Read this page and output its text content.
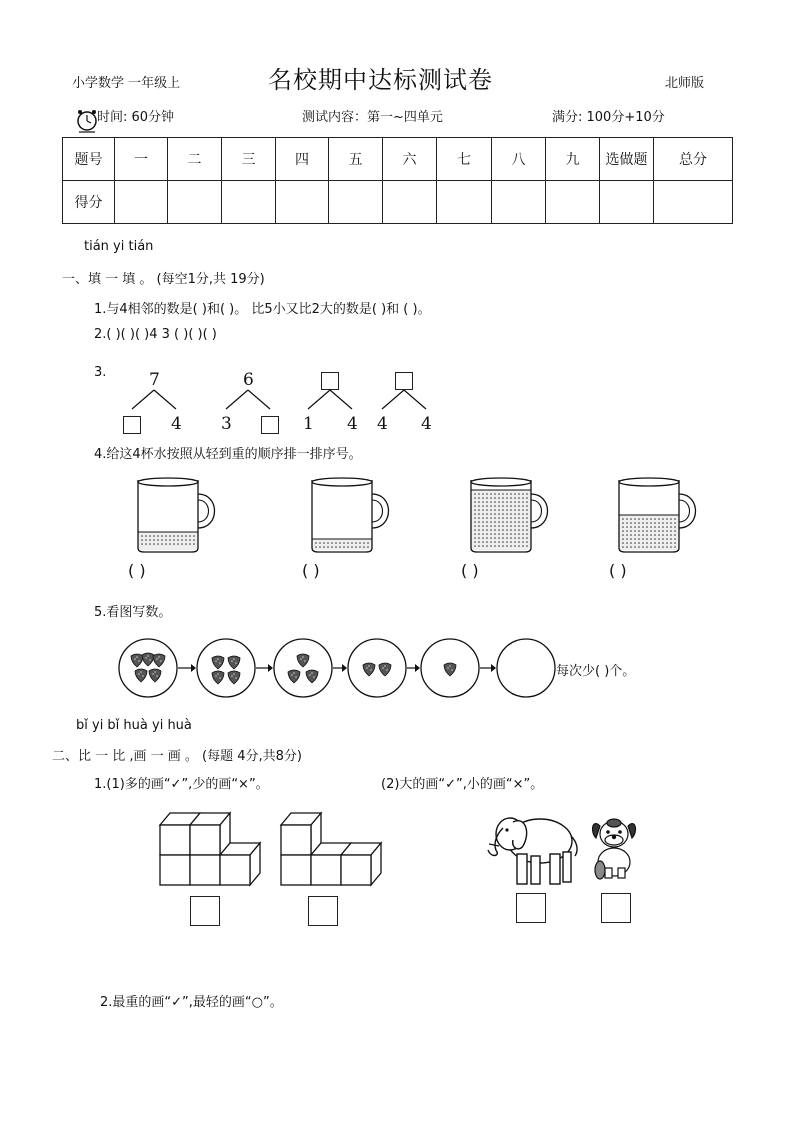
小学数学 一年级上	名校期中达标测试卷	北师版
时间: 60分钟	测试内容：第一~四单元	满分: 100分+10分
题号	一	二	三	四	五	六	七	八	九	选做题	总分
得分											
tián yi tián
一、填 一 填 。 (每空1分,共 19分)
1.与4相邻的数是( )和( )。 比5小又比2大的数是( )和 ( )。
2.( )( )( )4 3 ( )( )( )
3.	7
4
6
3	1 4 4 4
4.给这4杯水按照从轻到重的顺序排一排序号。
( )	( )	( )	( )
5.看图写数。
每次少( )个。
bǐ yi bǐ huà yi huà
二、比 一 比 ,画 一 画 。 (每题 4分,共8分)
1.(1)多的画“✓”,少的画“×”。	(2)大的画“✓”,小的画“×”。
2.最重的画“✓”,最轻的画“○”。
